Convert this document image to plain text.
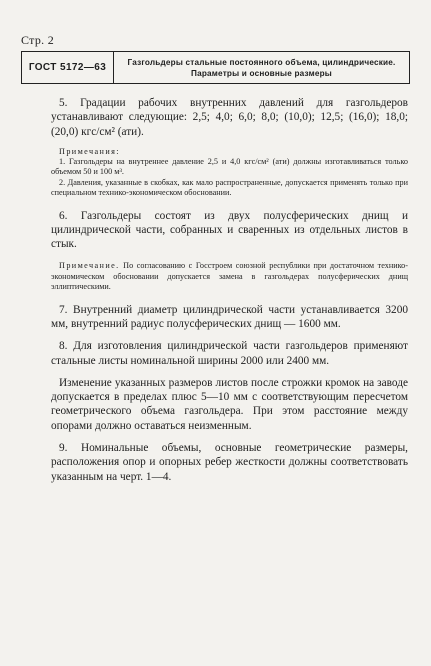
Стр. 2
ГОСТ 5172—63	Газгольдеры стальные постоянного объема, цилиндрические. Параметры и основные размеры

5. Градации рабочих внутренних давлений для газгольдеров устанавливают следующие: 2,5; 4,0; 6,0; 8,0; (10,0); 12,5; (16,0); 18,0; (20,0) кгс/см² (ати).

Примечания:

1. Газгольдеры на внутреннее давление 2,5 и 4,0 кгс/см² (ати) должны изготавливаться только объемом 50 и 100 м³.

2. Давления, указанные в скобках, как мало распространенные, допускается применять только при специальном технико-экономическом обосновании.

6. Газгольдеры состоят из двух полусферических днищ и цилиндрической части, собранных и сваренных из отдельных листов в стык.

Примечание. По согласованию с Госстроем союзной республики при достаточном технико-экономическом обосновании допускается замена в газгольдерах полусферических днищ эллиптическими.

7. Внутренний диаметр цилиндрической части устанавливается 3200 мм, внутренний радиус полусферических днищ — 1600 мм.

8. Для изготовления цилиндрической части газгольдеров применяют стальные листы номинальной ширины 2000 или 2400 мм.

Изменение указанных размеров листов после строжки кромок на заводе допускается в пределах плюс 5—10 мм с соответствующим пересчетом геометрического объема газгольдера. При этом расстояние между опорами должно оставаться неизменным.

9. Номинальные объемы, основные геометрические размеры, расположения опор и опорных ребер жесткости должны соответствовать указанным на черт. 1—4.
